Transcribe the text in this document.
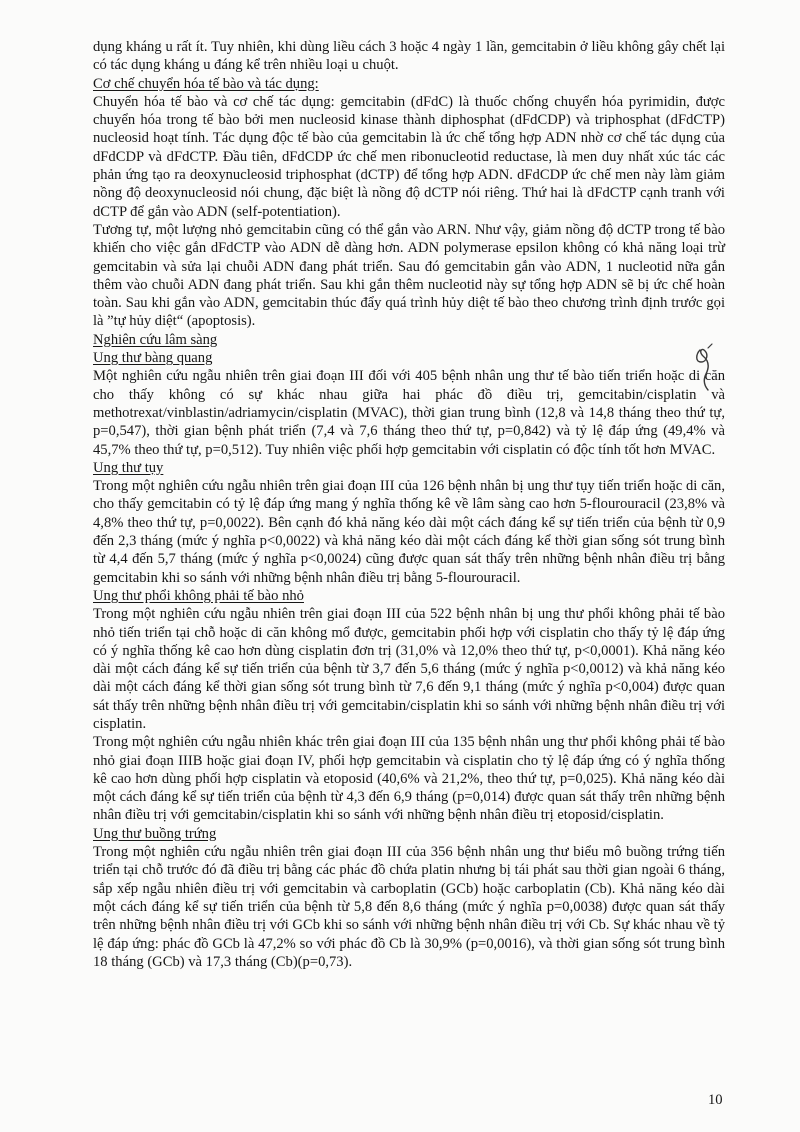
dụng kháng u rất ít. Tuy nhiên, khi dùng liều cách 3 hoặc 4 ngày 1 lần, gemcitabin ở liều không gây chết lại có tác dụng kháng u đáng kể trên nhiều loại u chuột.

Cơ chế chuyển hóa tế bào và tác dụng:

Chuyển hóa tế bào và cơ chế tác dụng: gemcitabin (dFdC) là thuốc chống chuyển hóa pyrimidin, được chuyển hóa trong tế bào bởi men nucleosid kinase thành diphosphat (dFdCDP) và triphosphat (dFdCTP) nucleosid hoạt tính. Tác dụng độc tế bào của gemcitabin là ức chế tổng hợp ADN nhờ cơ chế tác dụng của dFdCDP và dFdCTP. Đầu tiên, dFdCDP ức chế men ribonucleotid reductase, là men duy nhất xúc tác các phản ứng tạo ra deoxynucleosid triphosphat (dCTP) để tổng hợp ADN. dFdCDP ức chế men này làm giảm nồng độ deoxynucleosid nói chung, đặc biệt là nồng độ dCTP nói riêng. Thứ hai là dFdCTP cạnh tranh với dCTP để gắn vào ADN (self-potentiation).

Tương tự, một lượng nhỏ gemcitabin cũng có thể gắn vào ARN. Như vậy, giảm nồng độ dCTP trong tế bào khiến cho việc gắn dFdCTP vào ADN dễ dàng hơn. ADN polymerase epsilon không có khả năng loại trừ gemcitabin và sửa lại chuỗi ADN đang phát triển. Sau đó gemcitabin gắn vào ADN, 1 nucleotid nữa gắn thêm vào chuỗi ADN đang phát triển. Sau khi gắn thêm nucleotid này sự tổng hợp ADN sẽ bị ức chế hoàn toàn. Sau khi gắn vào ADN, gemcitabin thúc đẩy quá trình hủy diệt tế bào theo chương trình định trước gọi là ”tự hủy diệt“ (apoptosis).

Nghiên cứu lâm sàng
Ung thư bàng quang

Một nghiên cứu ngẫu nhiên trên giai đoạn III đối với 405 bệnh nhân ung thư tế bào tiến triển hoặc di căn cho thấy không có sự khác nhau giữa hai phác đồ điều trị, gemcitabin/cisplatin và methotrexat/vinblastin/adriamycin/cisplatin (MVAC), thời gian trung bình (12,8 và 14,8 tháng theo thứ tự, p=0,547), thời gian bệnh phát triển (7,4 và 7,6 tháng theo thứ tự, p=0,842) và tỷ lệ đáp ứng (49,4% và 45,7% theo thứ tự, p=0,512). Tuy nhiên việc phối hợp gemcitabin với cisplatin có độc tính tốt hơn MVAC.

Ung thư tụy

Trong một nghiên cứu ngẫu nhiên trên giai đoạn III của 126 bệnh nhân bị ung thư tụy tiến triển hoặc di căn, cho thấy gemcitabin có tỷ lệ đáp ứng mang ý nghĩa thống kê về lâm sàng cao hơn 5-flourouracil (23,8% và 4,8% theo thứ tự, p=0,0022). Bên cạnh đó khả năng kéo dài một cách đáng kể sự tiến triển của bệnh từ 0,9 đến 2,3 tháng (mức ý nghĩa p<0,0022) và khả năng kéo dài một cách đáng kể thời gian sống sót trung bình từ 4,4 đến 5,7 tháng (mức ý nghĩa p<0,0024) cũng được quan sát thấy trên những bệnh nhân điều trị bằng gemcitabin khi so sánh với những bệnh nhân điều trị bằng 5-flourouracil.

Ung thư phổi không phải tế bào nhỏ

Trong một nghiên cứu ngẫu nhiên trên giai đoạn III của 522 bệnh nhân bị ung thư phổi không phải tế bào nhỏ tiến triển tại chỗ hoặc di căn không mổ được, gemcitabin phối hợp với cisplatin cho thấy tỷ lệ đáp ứng có ý nghĩa thống kê cao hơn dùng cisplatin đơn trị (31,0% và 12,0% theo thứ tự, p<0,0001). Khả năng kéo dài một cách đáng kể sự tiến triển của bệnh từ 3,7 đến 5,6 tháng (mức ý nghĩa p<0,0012) và khả năng kéo dài một cách đáng kể thời gian sống sót trung bình từ 7,6 đến 9,1 tháng (mức ý nghĩa p<0,004) được quan sát thấy trên những bệnh nhân điều trị với gemcitabin/cisplatin khi so sánh với những bệnh nhân điều trị với cisplatin.

Trong một nghiên cứu ngẫu nhiên khác trên giai đoạn III của 135 bệnh nhân ung thư phổi không phải tế bào nhỏ giai đoạn IIIB hoặc giai đoạn IV, phối hợp gemcitabin và cisplatin cho tỷ lệ đáp ứng có ý nghĩa thống kê cao hơn dùng phối hợp cisplatin và etoposid (40,6% và 21,2%, theo thứ tự, p=0,025). Khả năng kéo dài một cách đáng kể sự tiến triển của bệnh từ 4,3 đến 6,9 tháng (p=0,014) được quan sát thấy trên những bệnh nhân điều trị với gemcitabin/cisplatin khi so sánh với những bệnh nhân điều trị etoposid/cisplatin.

Ung thư buồng trứng

Trong một nghiên cứu ngẫu nhiên trên giai đoạn III của 356 bệnh nhân ung thư biểu mô buồng trứng tiến triển tại chỗ trước đó đã điều trị bằng các phác đồ chứa platin nhưng bị tái phát sau thời gian ngoài 6 tháng, sắp xếp ngẫu nhiên điều trị với gemcitabin và carboplatin (GCb) hoặc carboplatin (Cb). Khả năng kéo dài một cách đáng kể sự tiến triển của bệnh từ 5,8 đến 8,6 tháng (mức ý nghĩa p=0,0038) được quan sát thấy trên những bệnh nhân điều trị với GCb khi so sánh với những bệnh nhân điều trị với Cb. Sự khác nhau về tỷ lệ đáp ứng: phác đồ GCb là 47,2% so với phác đồ Cb là 30,9% (p=0,0016), và thời gian sống sót trung bình 18 tháng (GCb) và 17,3 tháng (Cb)(p=0,73).

10
